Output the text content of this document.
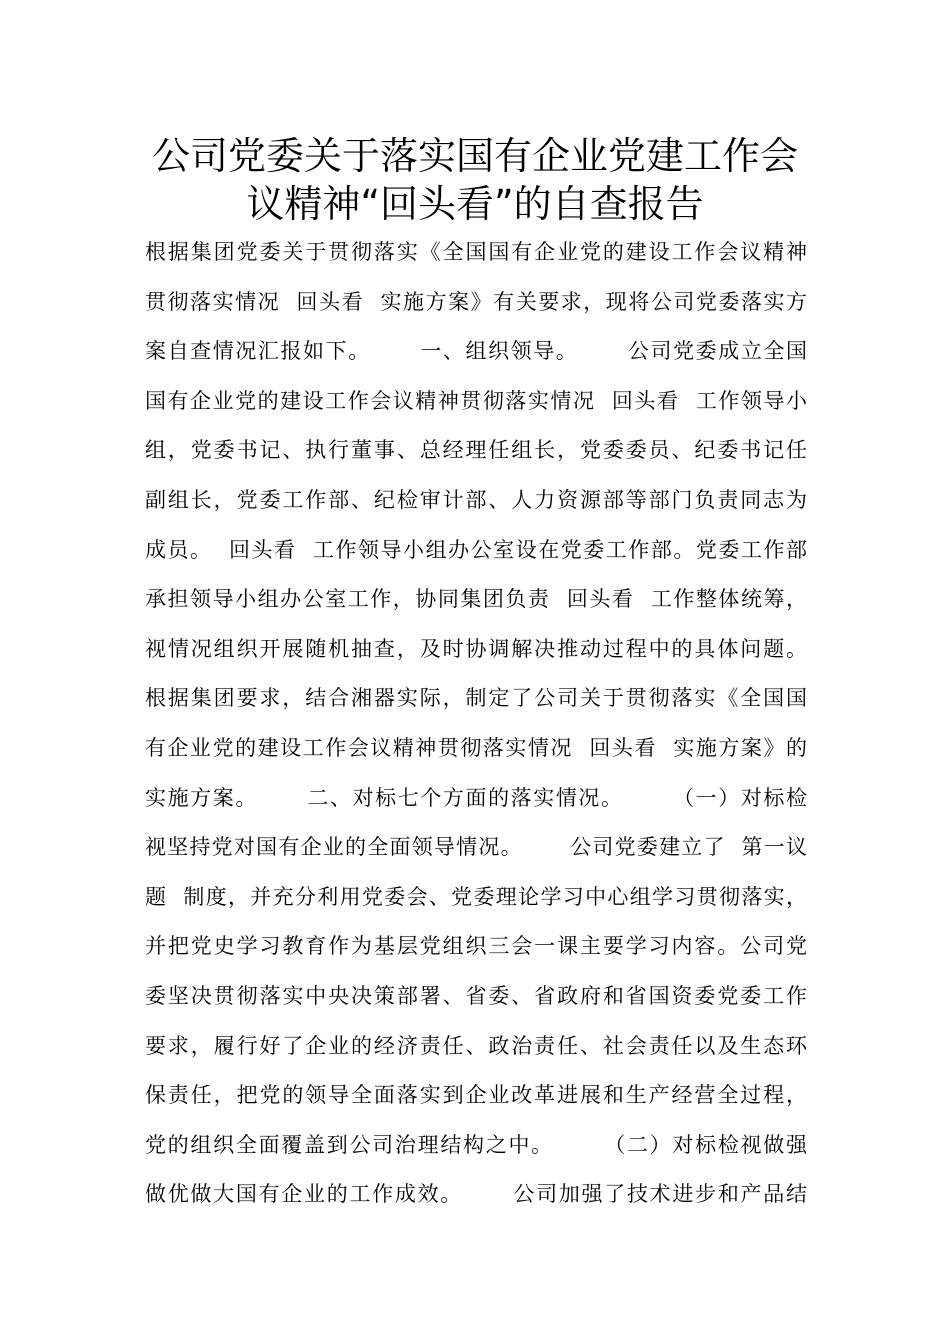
公司党委关于落实国有企业党建工作会
议精神“回头看”的自查报告
根据集团党委关于贯彻落实《全国国有企业党的建设工作会议精神
贯彻落实情况  回头看  实施方案》有关要求，现将公司党委落实方
案自查情况汇报如下。      一、组织领导。      公司党委成立全国
国有企业党的建设工作会议精神贯彻落实情况  回头看  工作领导小
组，党委书记、执行董事、总经理任组长，党委委员、纪委书记任
副组长，党委工作部、纪检审计部、人力资源部等部门负责同志为
成员。  回头看  工作领导小组办公室设在党委工作部。党委工作部
承担领导小组办公室工作，协同集团负责  回头看  工作整体统筹，
视情况组织开展随机抽查，及时协调解决推动过程中的具体问题。
根据集团要求，结合湘器实际，制定了公司关于贯彻落实《全国国
有企业党的建设工作会议精神贯彻落实情况  回头看  实施方案》的
实施方案。      二、对标七个方面的落实情况。      （一）对标检
视坚持党对国有企业的全面领导情况。      公司党委建立了  第一议
题  制度，并充分利用党委会、党委理论学习中心组学习贯彻落实，
并把党史学习教育作为基层党组织三会一课主要学习内容。公司党
委坚决贯彻落实中央决策部署、省委、省政府和省国资委党委工作
要求，履行好了企业的经济责任、政治责任、社会责任以及生态环
保责任，把党的领导全面落实到企业改革进展和生产经营全过程，
党的组织全面覆盖到公司治理结构之中。      （二）对标检视做强
做优做大国有企业的工作成效。      公司加强了技术进步和产品结
